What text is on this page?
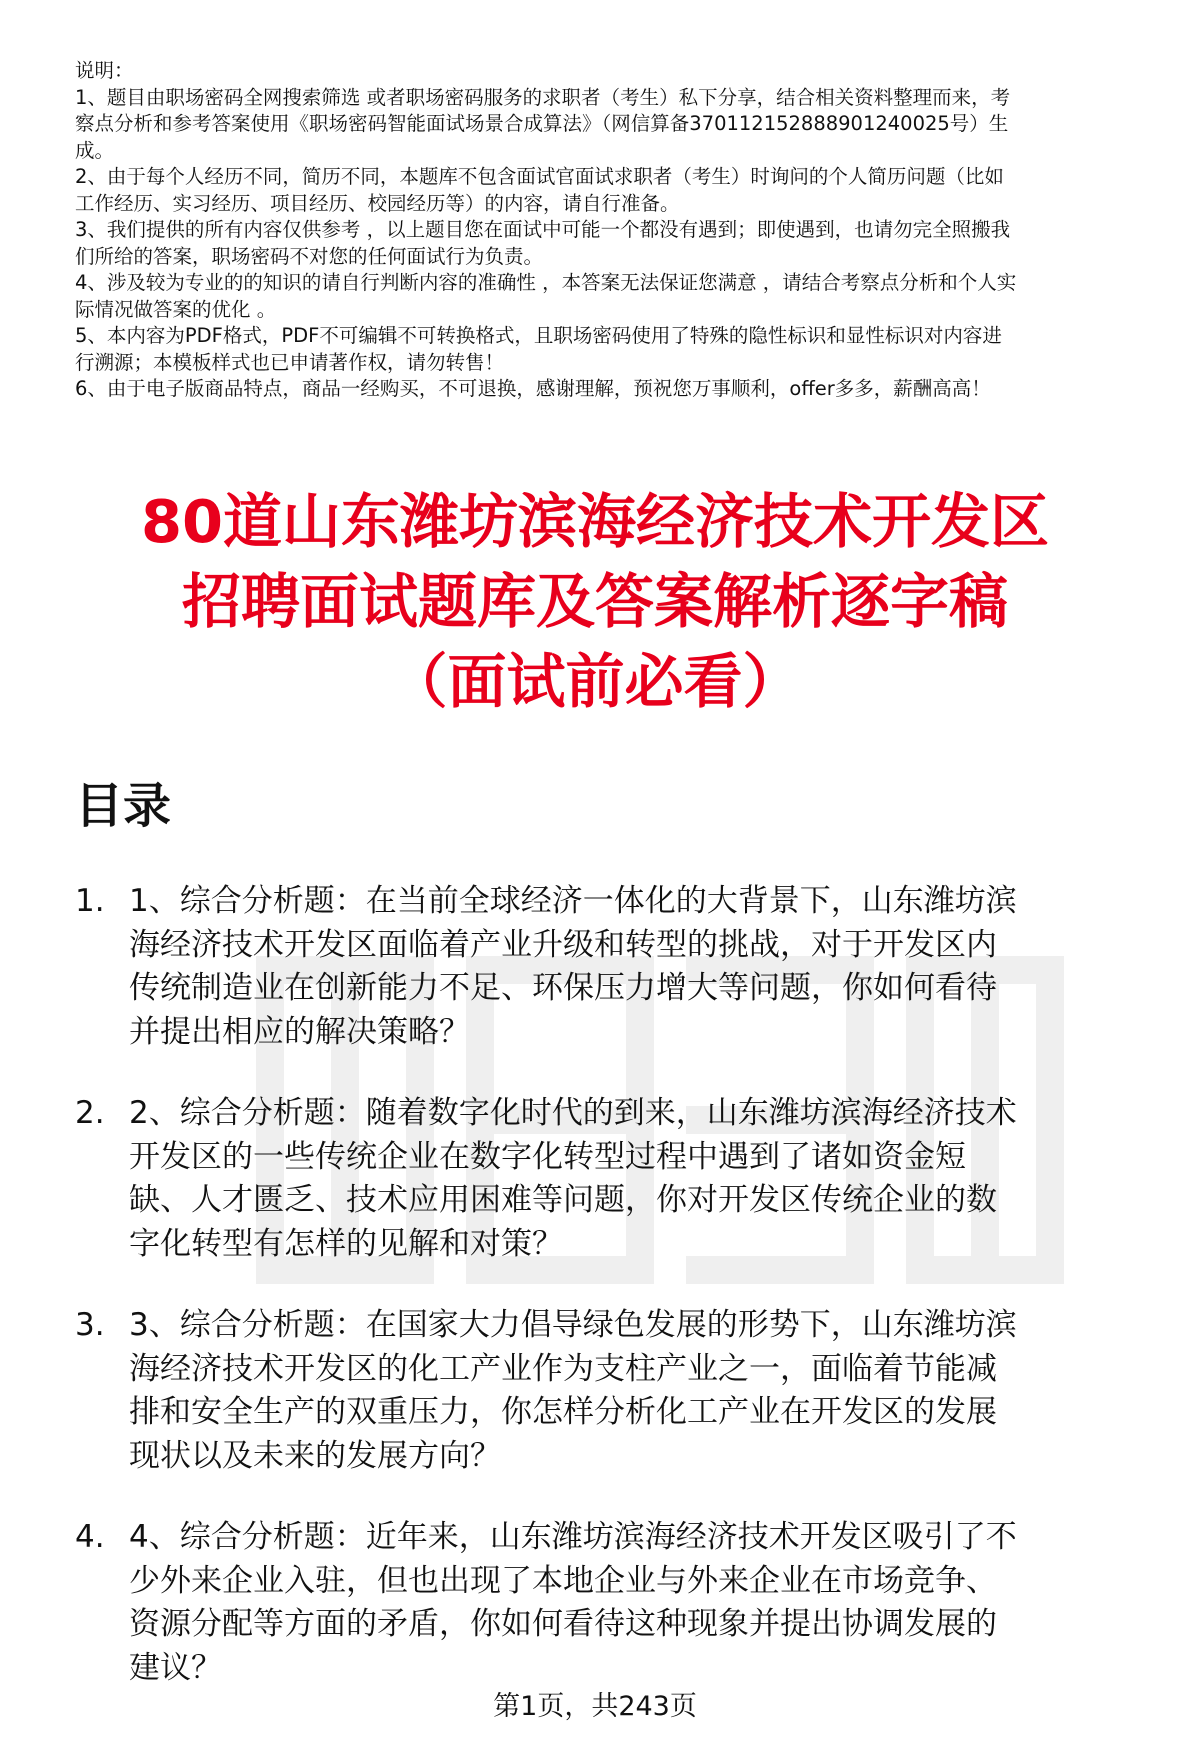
说明：
1、题目由职场密码全网搜索筛选 或者职场密码服务的求职者（考生）私下分享，结合相关资料整理而来，考
察点分析和参考答案使用《职场密码智能面试场景合成算法》（网信算备370112152888901240025号）生
成。
2、由于每个人经历不同，简历不同，本题库不包含面试官面试求职者（考生）时询问的个人简历问题（比如
工作经历、实习经历、项目经历、校园经历等）的内容，请自行准备。
3、我们提供的所有内容仅供参考 ，以上题目您在面试中可能一个都没有遇到；即使遇到，也请勿完全照搬我
们所给的答案，职场密码不对您的任何面试行为负责。
4、涉及较为专业的的知识的请自行判断内容的准确性 ，本答案无法保证您满意 ，请结合考察点分析和个人实
际情况做答案的优化 。
5、本内容为PDF格式，PDF不可编辑不可转换格式，且职场密码使用了特殊的隐性标识和显性标识对内容进
行溯源；本模板样式也已申请著作权，请勿转售！
6、由于电子版商品特点，商品一经购买，不可退换，感谢理解，预祝您万事顺利，offer多多，薪酬高高！
80道山东潍坊滨海经济技术开发区
招聘面试题库及答案解析逐字稿
（面试前必看）
目录
1. 1、综合分析题：在当前全球经济一体化的大背景下，山东潍坊滨
海经济技术开发区面临着产业升级和转型的挑战，对于开发区内
传统制造业在创新能力不足、环保压力增大等问题，你如何看待
并提出相应的解决策略？
2. 2、综合分析题：随着数字化时代的到来，山东潍坊滨海经济技术
开发区的一些传统企业在数字化转型过程中遇到了诸如资金短
缺、人才匮乏、技术应用困难等问题，你对开发区传统企业的数
字化转型有怎样的见解和对策？
3. 3、综合分析题：在国家大力倡导绿色发展的形势下，山东潍坊滨
海经济技术开发区的化工产业作为支柱产业之一，面临着节能减
排和安全生产的双重压力，你怎样分析化工产业在开发区的发展
现状以及未来的发展方向？
4. 4、综合分析题：近年来，山东潍坊滨海经济技术开发区吸引了不
少外来企业入驻，但也出现了本地企业与外来企业在市场竞争、
资源分配等方面的矛盾，你如何看待这种现象并提出协调发展的
建议？
第1页，共243页
